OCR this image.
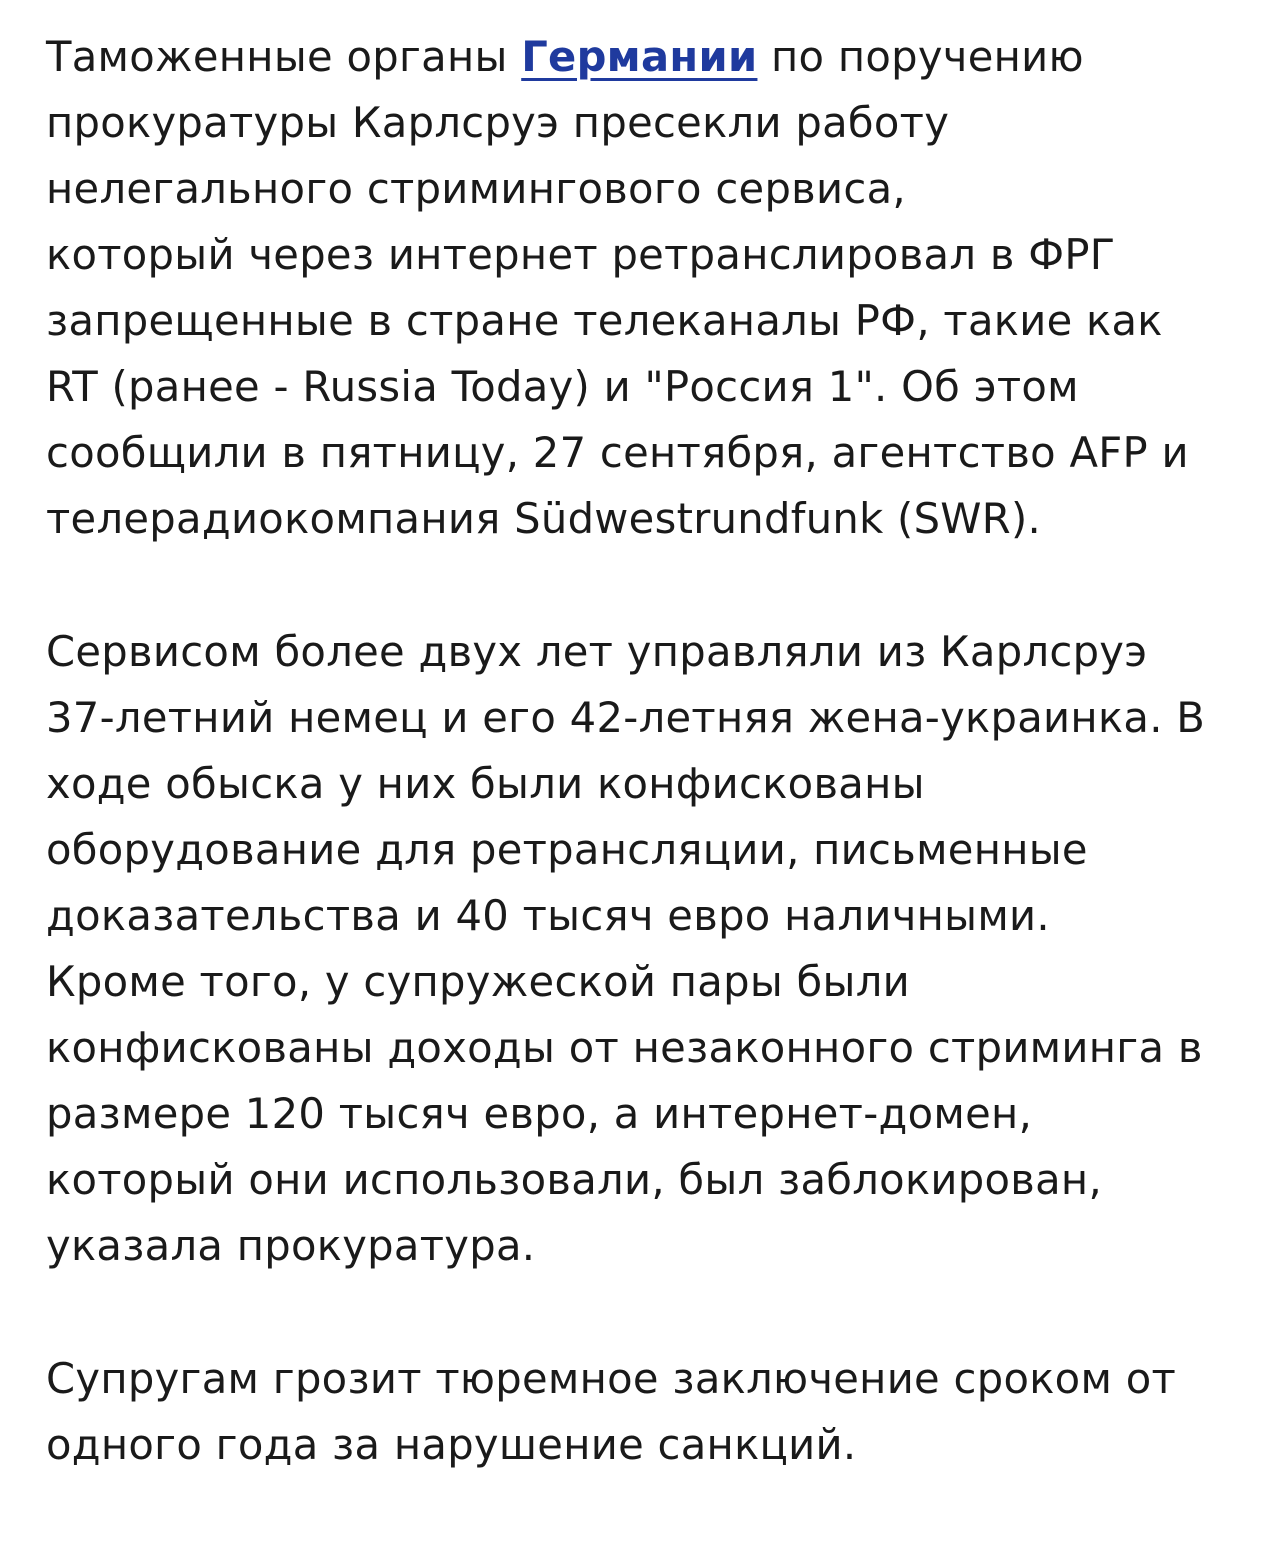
Таможенные органы Германии по поручению
прокуратуры Карлсруэ пресекли работу
нелегального стримингового сервиса,
который через интернет ретранслировал в ФРГ
запрещенные в стране телеканалы РФ, такие как
RT (ранее - Russia Today) и "Россия 1". Об этом
сообщили в пятницу, 27 сентября, агентство AFP и
телерадиокомпания Südwestrundfunk (SWR).

Сервисом более двух лет управляли из Карлсруэ
37-летний немец и его 42-летняя жена-украинка. В
ходе обыска у них были конфискованы
оборудование для ретрансляции, письменные
доказательства и 40 тысяч евро наличными.
Кроме того, у супружеской пары были
конфискованы доходы от незаконного стриминга в
размере 120 тысяч евро, а интернет-домен,
который они использовали, был заблокирован,
указала прокуратура.

Супругам грозит тюремное заключение сроком от
одного года за нарушение санкций.
